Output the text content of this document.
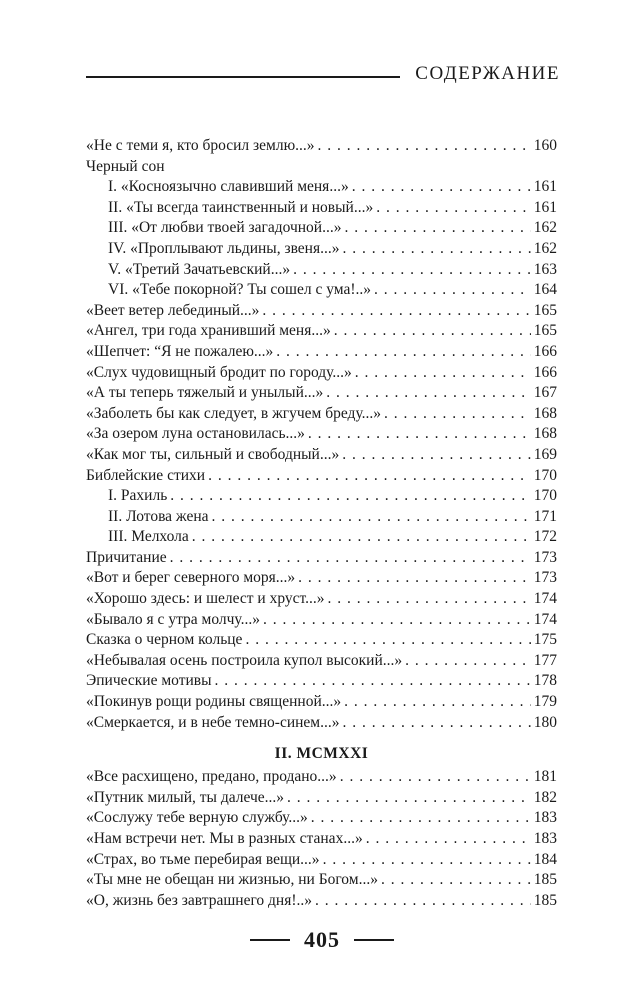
СОДЕРЖАНИЕ
«Не с теми я, кто бросил землю...» . . .	160
Черный сон
I. «Косноязычно славивший меня...» . . .	161
II. «Ты всегда таинственный и новый...» . . .	161
III. «От любви твоей загадочной...» . . .	162
IV. «Проплывают льдины, звеня...» . . .	162
V. «Третий Зачатьевский...» . . .	163
VI. «Тебе покорной? Ты сошел с ума!..» . . .	164
«Веет ветер лебединый...» . . .	165
«Ангел, три года хранивший меня...» . . .	165
«Шепчет: “Я не пожалею...» . . .	166
«Слух чудовищный бродит по городу...» . . .	166
«А ты теперь тяжелый и унылый...» . . .	167
«Заболеть бы как следует, в жгучем бреду...» . . .	168
«За озером луна остановилась...» . . .	168
«Как мог ты, сильный и свободный...» . . .	169
Библейские стихи . . .	170
I. Рахиль . . .	170
II. Лотова жена . . .	171
III. Мелхола . . .	172
Причитание . . .	173
«Вот и берег северного моря...» . . .	173
«Хорошо здесь: и шелест и хруст...» . . .	174
«Бывало я с утра молчу...» . . .	174
Сказка о черном кольце . . .	175
«Небывалая осень построила купол высокий...» . . .	177
Эпические мотивы . . .	178
«Покинув рощи родины священной...» . . .	179
«Смеркается, и в небе темно-синем...» . . .	180
II. MCMXXI
«Все расхищено, предано, продано...» . . .	181
«Путник милый, ты далече...» . . .	182
«Сослужу тебе верную службу...» . . .	183
«Нам встречи нет. Мы в разных станах...» . . .	183
«Страх, во тьме перебирая вещи...» . . .	184
«Ты мне не обещан ни жизнью, ни Богом...» . . .	185
«О, жизнь без завтрашнего дня!..» . . .	185
405
